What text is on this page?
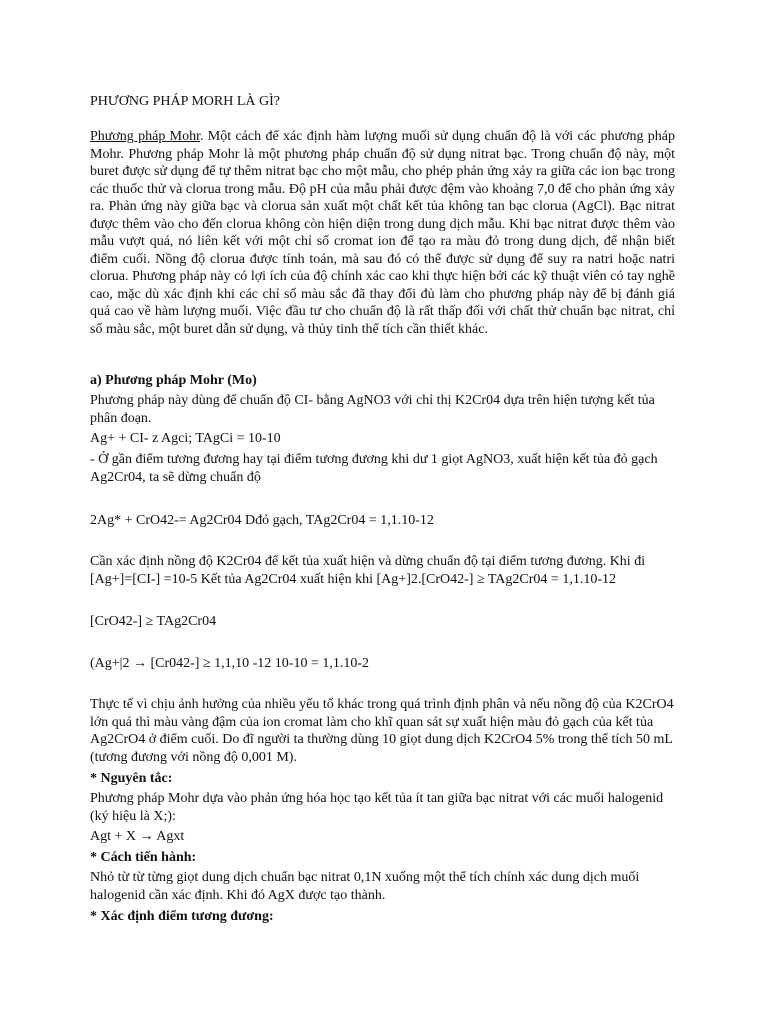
PHƯƠNG PHÁP MORH LÀ GÌ?

Phương pháp Mohr. Một cách để xác định hàm lượng muối sử dụng chuẩn độ là với các phương pháp Mohr. Phương pháp Mohr là một phương pháp chuẩn độ sử dụng nitrat bạc. Trong chuẩn độ này, một buret được sử dụng để tự thêm nitrat bạc cho một mẫu, cho phép phản ứng xảy ra giữa các ion bạc trong các thuốc thử và clorua trong mẫu. Độ pH của mẫu phải được đệm vào khoảng 7,0 để cho phản ứng xảy ra. Phản ứng này giữa bạc và clorua sản xuất một chất kết tủa không tan bạc clorua (AgCl). Bạc nitrat được thêm vào cho đến clorua không còn hiện diện trong dung dịch mẫu. Khi bạc nitrat được thêm vào mẫu vượt quá, nó liên kết với một chỉ số cromat ion để tạo ra màu đỏ trong dung dịch, để nhận biết điểm cuối. Nồng độ clorua được tính toán, mà sau đó có thể được sử dụng để suy ra natri hoặc natri clorua. Phương pháp này có lợi ích của độ chính xác cao khi thực hiện bởi các kỹ thuật viên có tay nghề cao, mặc dù xác định khi các chỉ số màu sắc đã thay đổi đủ làm cho phương pháp này để bị đánh giá quá cao về hàm lượng muối. Việc đầu tư cho chuẩn độ là rất thấp đối với chất thử chuẩn bạc nitrat, chỉ số màu sắc, một buret dẫn sử dụng, và thủy tinh thể tích cần thiết khác.

a) Phương pháp Mohr (Mo)

Phương pháp này dùng để chuẩn độ CI- bằng AgNO3 với chỉ thị K2Cr04 dựa trên hiện tượng kết tủa phân đoạn.

Ag+ + CI- z Agci; TAgCi = 10-10

- Ở gần điểm tương đương hay tại điểm tương đương khi dư 1 giọt AgNO3, xuất hiện kết tủa đỏ gạch Ag2Cr04, ta sẽ dừng chuẩn độ

2Ag* + CrO42-= Ag2Cr04 Dđỏ gạch, TAg2Cr04 = 1,1.10-12

Cần xác định nồng độ K2Cr04 để kết tủa xuất hiện và dừng chuẩn độ tại điểm tương đương. Khi đi [Ag+]=[CI-] =10-5 Kết tủa Ag2Cr04 xuất hiện khi [Ag+]2.[CrO42-] ≥ TAg2Cr04 = 1,1.10-12

[CrO42-] ≥ TAg2Cr04

(Ag+|2 → [Cr042-] ≥ 1,1,10 -12 10-10 = 1,1.10-2

Thực tế vì chịu ảnh hưởng của nhiều yếu tố khác trong quá trình định phân và nếu nồng độ của K2CrO4 lớn quá thì màu vàng đậm của ion cromat làm cho khĩ quan sát sự xuất hiện màu đỏ gạch của kết tủa Ag2CrO4 ở điểm cuối. Do đĩ người ta thường dùng 10 giọt dung dịch K2CrO4 5% trong thể tích 50 mL (tương đương với nồng độ 0,001 M).

* Nguyên tắc:

Phương pháp Mohr dựa vào phản ứng hóa học tạo kết tủa ít tan giữa bạc nitrat với các muối halogenid (ký hiệu là X;):

Agt + X → Agxt

* Cách tiến hành:

Nhỏ từ từ từng giọt dung dịch chuẩn bạc nitrat 0,1N xuống một thể tích chính xác dung dịch muối halogenid cần xác định. Khi đó AgX được tạo thành.

* Xác định điểm tương đương:
